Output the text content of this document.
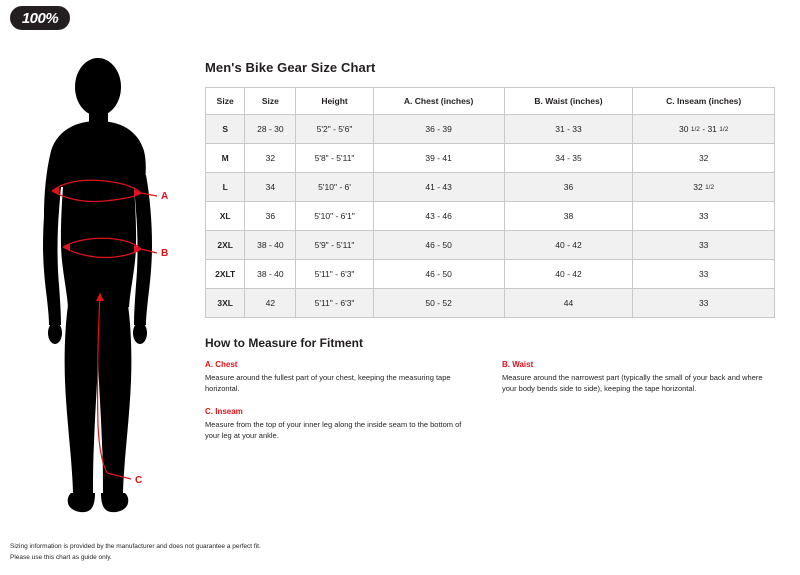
100%
A
B
C
Men's Bike Gear Size Chart
Size	Size	Height	A. Chest (inches)	B. Waist (inches)	C. Inseam (inches)
S	28 - 30	5'2" - 5'6"	36 - 39	31 - 33	30 1/2 - 31 1/2
M	32	5'8" - 5'11"	39 - 41	34 - 35	32
L	34	5'10" - 6'	41 - 43	36	32 1/2
XL	36	5'10" - 6'1"	43 - 46	38	33
2XL	38 - 40	5'9" - 5'11"	46 - 50	40 - 42	33
2XLT	38 - 40	5'11" - 6'3"	46 - 50	40 - 42	33
3XL	42	5'11" - 6'3"	50 - 52	44	33
How to Measure for Fitment
A. Chest
Measure around the fullest part of your chest, keeping the measuring tape horizontal.
C. Inseam
Measure from the top of your inner leg along the inside seam to the bottom of your leg at your ankle.
B. Waist
Measure around the narrowest part (typically the small of your back and where your body bends side to side), keeping the tape horizontal.
Sizing information is provided by the manufacturer and does not guarantee a perfect fit.
Please use this chart as guide only.
